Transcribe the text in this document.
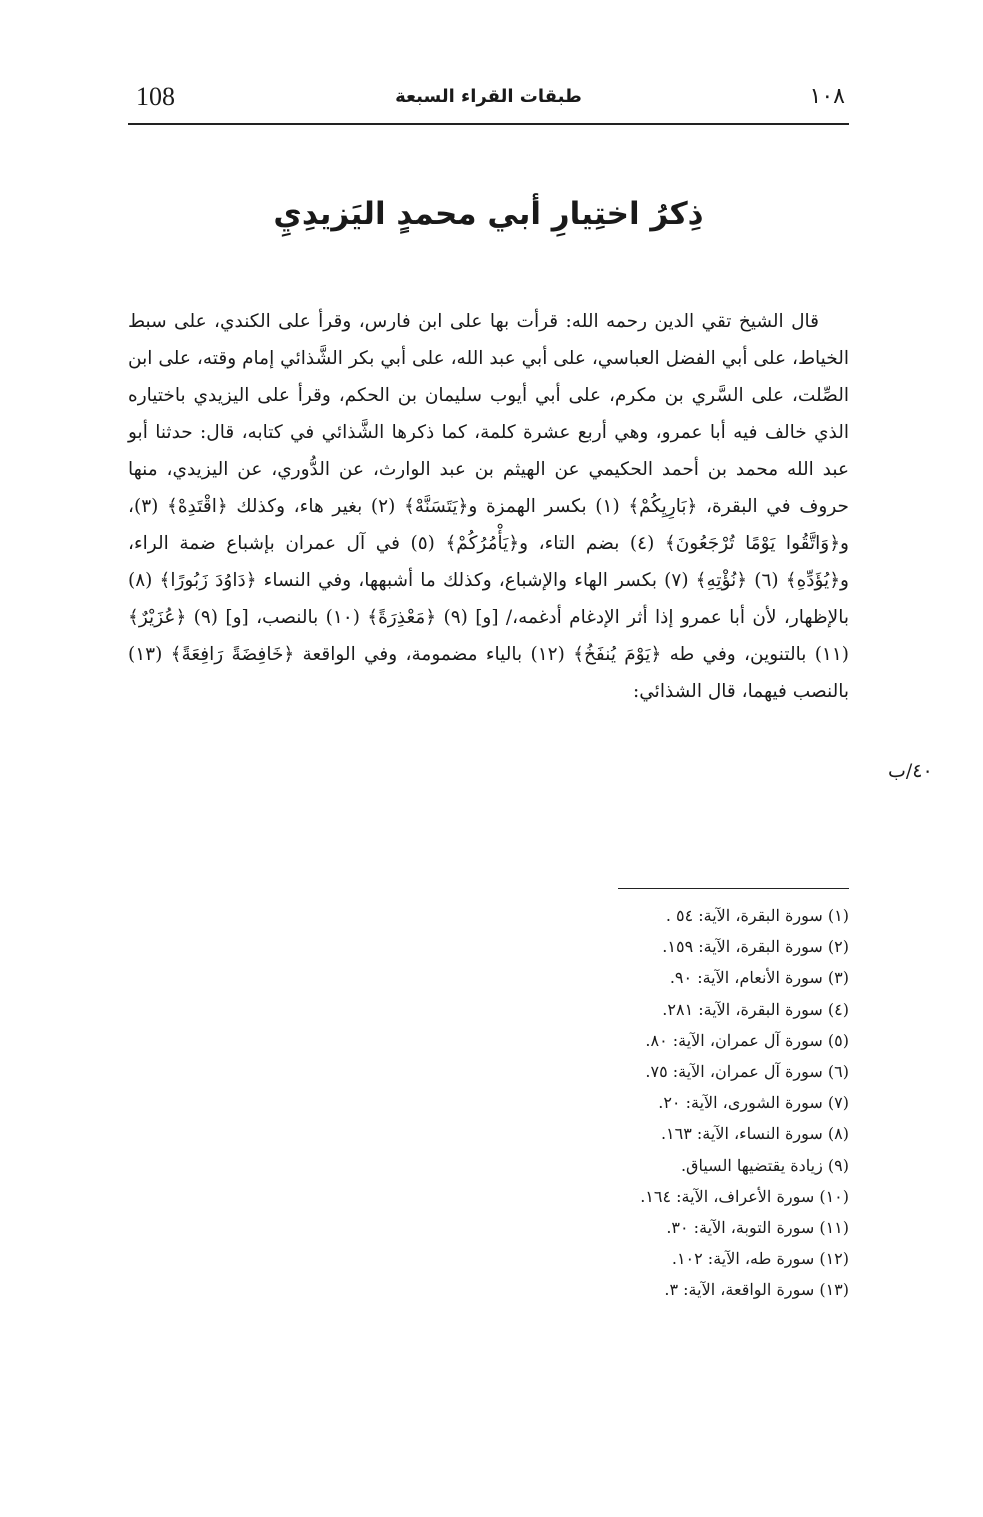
108	طبقات القراء السبعة	١٠٨
ذِكرُ اختِيارِ أبي محمدٍ اليَزيدِيِ

قال الشيخ تقي الدين رحمه الله: قرأت بها على ابن فارس، وقرأ على الكندي، على سبط الخياط، على أبي الفضل العباسي، على أبي عبد الله، على أبي بكر الشَّذائي إمام وقته، على ابن الصِّلت، على السَّري بن مكرم، على أبي أيوب سليمان بن الحكم، وقرأ على اليزيدي باختياره الذي خالف فيه أبا عمرو، وهي أربع عشرة كلمة، كما ذكرها الشَّذائي في كتابه، قال: حدثنا أبو عبد الله محمد بن أحمد الحكيمي عن الهيثم بن عبد الوارث، عن الدُّوري، عن اليزيدي، منها حروف في البقرة، ﴿بَارِيِكُمْ﴾ (١) بكسر الهمزة و﴿يَتَسَنَّهْ﴾ (٢) بغير هاء، وكذلك ﴿اقْتَدِهْ﴾ (٣)، و﴿وَاتَّقُوا يَوْمًا تُرْجَعُونَ﴾ (٤) بضم التاء، و﴿يَأْمُرُكُمْ﴾ (٥) في آل عمران بإشباع ضمة الراء، و﴿يُؤَدِّهِ﴾ (٦) ﴿نُؤْتِهِ﴾ (٧) بكسر الهاء والإشباع، وكذلك ما أشبهها، وفي النساء ﴿دَاوُدَ زَبُورًا﴾ (٨) بالإظهار، لأن أبا عمرو إذا أثر الإدغام أدغمه،/ [و] (٩) ﴿مَعْذِرَةً﴾ (١٠) بالنصب، [و] (٩) ﴿عُزَيْرٌ﴾ (١١) بالتنوين، وفي طه ﴿يَوْمَ يُنفَخُ﴾ (١٢) بالياء مضمومة، وفي الواقعة ﴿خَافِضَةً رَافِعَةً﴾ (١٣) بالنصب فيهما، قال الشذائي:

٤٠/ب
(١) سورة البقرة، الآية: ٥٤ .
(٢) سورة البقرة، الآية: ١٥٩.
(٣) سورة الأنعام، الآية: ٩٠.
(٤) سورة البقرة، الآية: ٢٨١.
(٥) سورة آل عمران، الآية: ٨٠.
(٦) سورة آل عمران، الآية: ٧٥.
(٧) سورة الشورى، الآية: ٢٠.
(٨) سورة النساء، الآية: ١٦٣.
(٩) زيادة يقتضيها السياق.
(١٠) سورة الأعراف، الآية: ١٦٤.
(١١) سورة التوبة، الآية: ٣٠.
(١٢) سورة طه، الآية: ١٠٢.
(١٣) سورة الواقعة، الآية: ٣.
